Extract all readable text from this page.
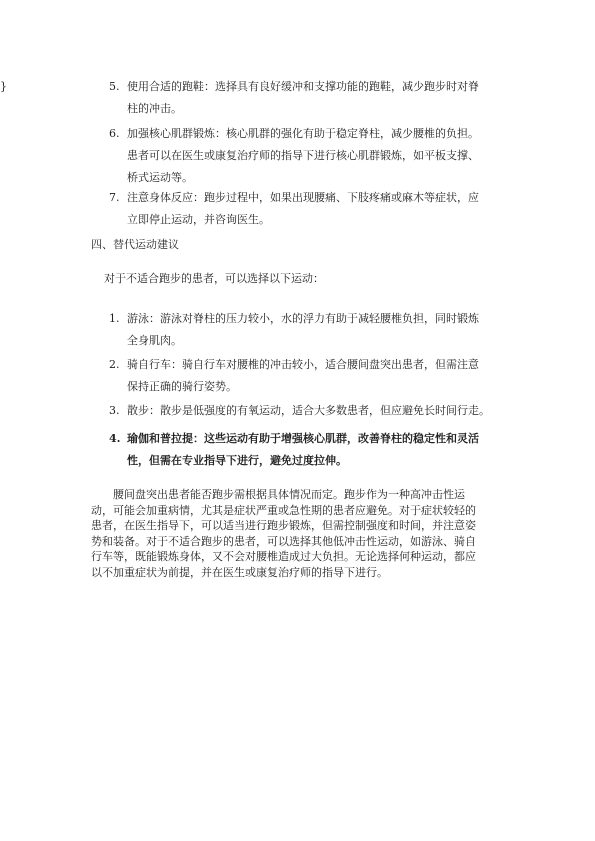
5. 使用合适的跑鞋：选择具有良好缓冲和支撑功能的跑鞋，减少跑步时对脊
柱的冲击。
}
6. 加强核心肌群锻炼：核心肌群的强化有助于稳定脊柱，减少腰椎的负担。
患者可以在医生或康复治疗师的指导下进行核心肌群锻炼，如平板支撑、
桥式运动等。
7. 注意身体反应：跑步过程中，如果出现腰痛、下肢疼痛或麻木等症状，应
立即停止运动，并咨询医生。
四、替代运动建议
对于不适合跑步的患者，可以选择以下运动：
1. 游泳：游泳对脊柱的压力较小，水的浮力有助于减轻腰椎负担，同时锻炼
全身肌肉。
2. 骑自行车：骑自行车对腰椎的冲击较小，适合腰间盘突出患者，但需注意
保持正确的骑行姿势。
3. 散步：散步是低强度的有氧运动，适合大多数患者，但应避免长时间行走。
4. 瑜伽和普拉提：这些运动有助于增强核心肌群，改善脊柱的稳定性和灵活
性，但需在专业指导下进行，避免过度拉伸。
腰间盘突出患者能否跑步需根据具体情况而定。跑步作为一种高冲击性运
动，可能会加重病情，尤其是症状严重或急性期的患者应避免。对于症状较轻的
患者，在医生指导下，可以适当进行跑步锻炼，但需控制强度和时间，并注意姿
势和装备。对于不适合跑步的患者，可以选择其他低冲击性运动，如游泳、骑自
行车等，既能锻炼身体，又不会对腰椎造成过大负担。无论选择何种运动，都应
以不加重症状为前提，并在医生或康复治疗师的指导下进行。
